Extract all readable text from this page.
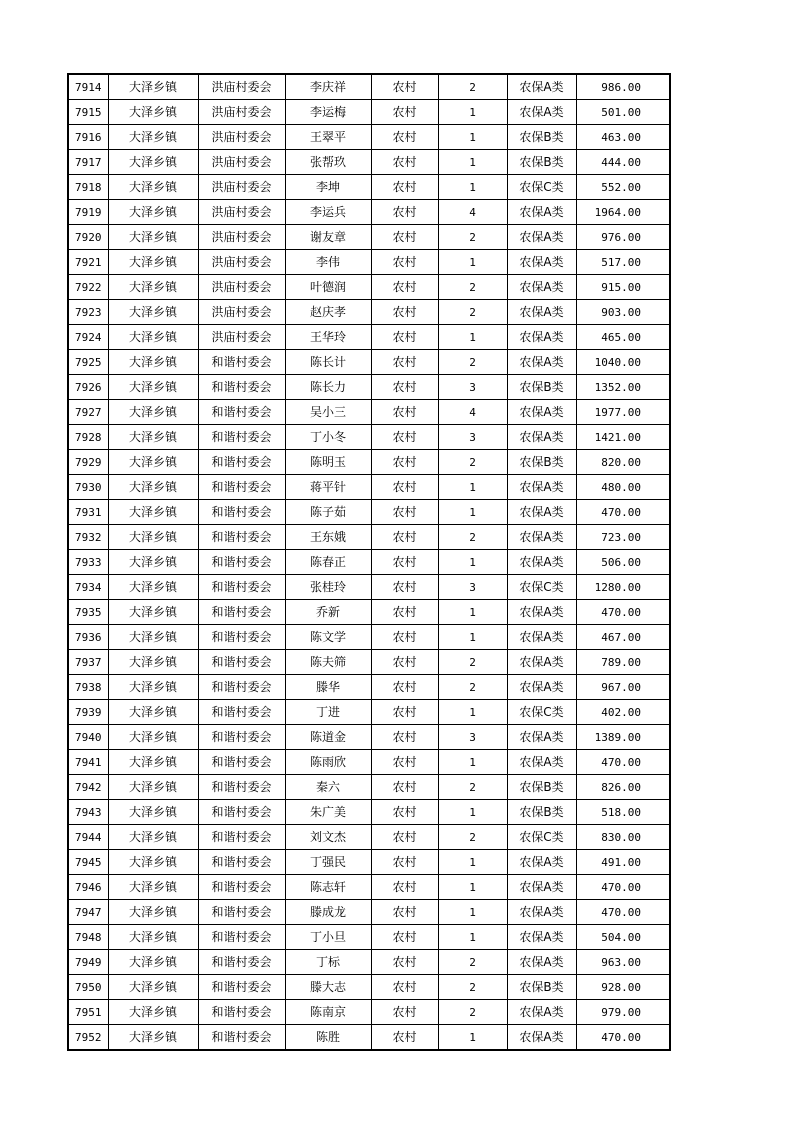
7914	大泽乡镇	洪庙村委会	李庆祥	农村	2	农保A类	986.00
7915	大泽乡镇	洪庙村委会	李运梅	农村	1	农保A类	501.00
7916	大泽乡镇	洪庙村委会	王翠平	农村	1	农保B类	463.00
7917	大泽乡镇	洪庙村委会	张帮玖	农村	1	农保B类	444.00
7918	大泽乡镇	洪庙村委会	李坤	农村	1	农保C类	552.00
7919	大泽乡镇	洪庙村委会	李运兵	农村	4	农保A类	1964.00
7920	大泽乡镇	洪庙村委会	谢友章	农村	2	农保A类	976.00
7921	大泽乡镇	洪庙村委会	李伟	农村	1	农保A类	517.00
7922	大泽乡镇	洪庙村委会	叶德润	农村	2	农保A类	915.00
7923	大泽乡镇	洪庙村委会	赵庆孝	农村	2	农保A类	903.00
7924	大泽乡镇	洪庙村委会	王华玲	农村	1	农保A类	465.00
7925	大泽乡镇	和谐村委会	陈长计	农村	2	农保A类	1040.00
7926	大泽乡镇	和谐村委会	陈长力	农村	3	农保B类	1352.00
7927	大泽乡镇	和谐村委会	吴小三	农村	4	农保A类	1977.00
7928	大泽乡镇	和谐村委会	丁小冬	农村	3	农保A类	1421.00
7929	大泽乡镇	和谐村委会	陈明玉	农村	2	农保B类	820.00
7930	大泽乡镇	和谐村委会	蒋平针	农村	1	农保A类	480.00
7931	大泽乡镇	和谐村委会	陈子茹	农村	1	农保A类	470.00
7932	大泽乡镇	和谐村委会	王东娥	农村	2	农保A类	723.00
7933	大泽乡镇	和谐村委会	陈春正	农村	1	农保A类	506.00
7934	大泽乡镇	和谐村委会	张桂玲	农村	3	农保C类	1280.00
7935	大泽乡镇	和谐村委会	乔新	农村	1	农保A类	470.00
7936	大泽乡镇	和谐村委会	陈文学	农村	1	农保A类	467.00
7937	大泽乡镇	和谐村委会	陈夫筛	农村	2	农保A类	789.00
7938	大泽乡镇	和谐村委会	滕华	农村	2	农保A类	967.00
7939	大泽乡镇	和谐村委会	丁进	农村	1	农保C类	402.00
7940	大泽乡镇	和谐村委会	陈道金	农村	3	农保A类	1389.00
7941	大泽乡镇	和谐村委会	陈雨欣	农村	1	农保A类	470.00
7942	大泽乡镇	和谐村委会	秦六	农村	2	农保B类	826.00
7943	大泽乡镇	和谐村委会	朱广美	农村	1	农保B类	518.00
7944	大泽乡镇	和谐村委会	刘文杰	农村	2	农保C类	830.00
7945	大泽乡镇	和谐村委会	丁强民	农村	1	农保A类	491.00
7946	大泽乡镇	和谐村委会	陈志轩	农村	1	农保A类	470.00
7947	大泽乡镇	和谐村委会	滕成龙	农村	1	农保A类	470.00
7948	大泽乡镇	和谐村委会	丁小旦	农村	1	农保A类	504.00
7949	大泽乡镇	和谐村委会	丁标	农村	2	农保A类	963.00
7950	大泽乡镇	和谐村委会	滕大志	农村	2	农保B类	928.00
7951	大泽乡镇	和谐村委会	陈南京	农村	2	农保A类	979.00
7952	大泽乡镇	和谐村委会	陈胜	农村	1	农保A类	470.00
